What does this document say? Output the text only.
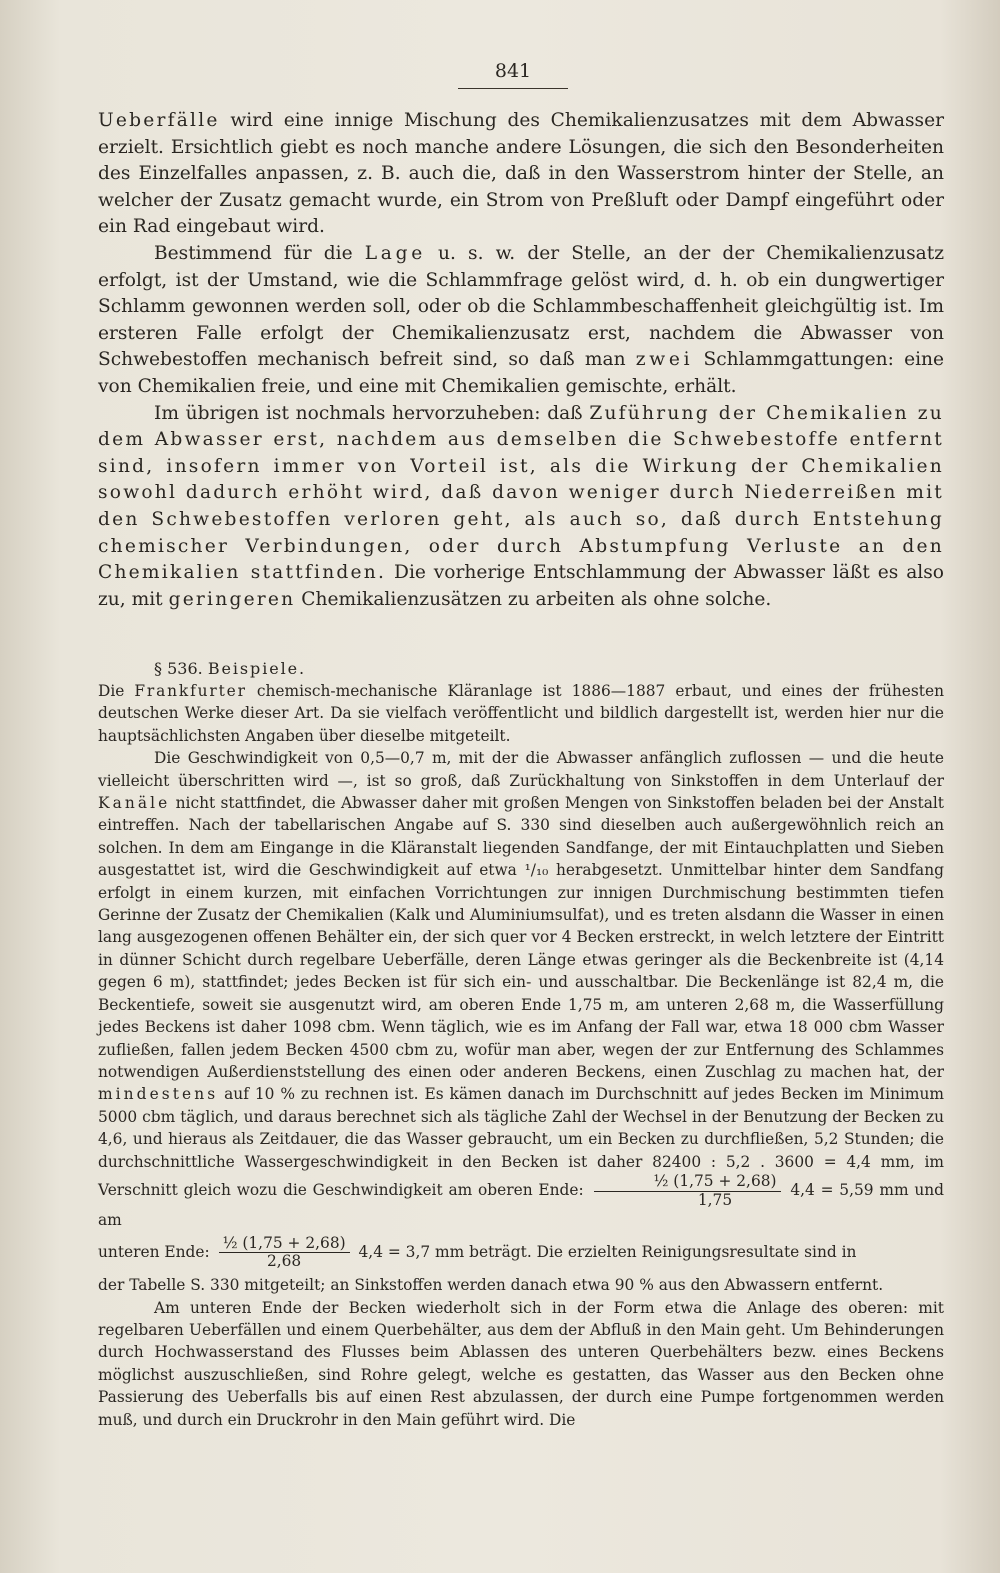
841

Ueberfälle wird eine innige Mischung des Chemikalienzusatzes mit dem Abwasser erzielt. Ersichtlich giebt es noch manche andere Lösungen, die sich den Besonderheiten des Einzelfalles anpassen, z. B. auch die, daß in den Wasserstrom hinter der Stelle, an welcher der Zusatz gemacht wurde, ein Strom von Preßluft oder Dampf eingeführt oder ein Rad eingebaut wird.

Bestimmend für die Lage u. s. w. der Stelle, an der der Chemikalienzusatz erfolgt, ist der Umstand, wie die Schlammfrage gelöst wird, d. h. ob ein dungwertiger Schlamm gewonnen werden soll, oder ob die Schlammbeschaffenheit gleichgültig ist. Im ersteren Falle erfolgt der Chemikalienzusatz erst, nachdem die Abwasser von Schwebestoffen mechanisch befreit sind, so daß man zwei Schlammgattungen: eine von Chemikalien freie, und eine mit Chemikalien gemischte, erhält.

Im übrigen ist nochmals hervorzuheben: daß Zuführung der Chemikalien zu dem Abwasser erst, nachdem aus demselben die Schwebestoffe entfernt sind, insofern immer von Vorteil ist, als die Wirkung der Chemikalien sowohl dadurch erhöht wird, daß davon weniger durch Niederreißen mit den Schwebestoffen verloren geht, als auch so, daß durch Entstehung chemischer Verbindungen, oder durch Abstumpfung Verluste an den Chemikalien stattfinden. Die vorherige Entschlammung der Abwasser läßt es also zu, mit geringeren Chemikalienzusätzen zu arbeiten als ohne solche.

§ 536. Beispiele.

Die Frankfurter chemisch-mechanische Kläranlage ist 1886—1887 erbaut, und eines der frühesten deutschen Werke dieser Art. Da sie vielfach veröffentlicht und bildlich dargestellt ist, werden hier nur die hauptsächlichsten Angaben über dieselbe mitgeteilt.

Die Geschwindigkeit von 0,5—0,7 m, mit der die Abwasser anfänglich zuflossen — und die heute vielleicht überschritten wird —, ist so groß, daß Zurückhaltung von Sinkstoffen in dem Unterlauf der Kanäle nicht stattfindet, die Abwasser daher mit großen Mengen von Sinkstoffen beladen bei der Anstalt eintreffen. Nach der tabellarischen Angabe auf S. 330 sind dieselben auch außergewöhnlich reich an solchen. In dem am Eingange in die Kläranstalt liegenden Sandfange, der mit Eintauchplatten und Sieben ausgestattet ist, wird die Geschwindigkeit auf etwa ¹/₁₀ herabgesetzt. Unmittelbar hinter dem Sandfang erfolgt in einem kurzen, mit einfachen Vorrichtungen zur innigen Durchmischung bestimmten tiefen Gerinne der Zusatz der Chemikalien (Kalk und Aluminiumsulfat), und es treten alsdann die Wasser in einen lang ausgezogenen offenen Behälter ein, der sich quer vor 4 Becken erstreckt, in welch letztere der Eintritt in dünner Schicht durch regelbare Ueberfälle, deren Länge etwas geringer als die Beckenbreite ist (4,14 gegen 6 m), stattfindet; jedes Becken ist für sich ein- und ausschaltbar. Die Beckenlänge ist 82,4 m, die Beckentiefe, soweit sie ausgenutzt wird, am oberen Ende 1,75 m, am unteren 2,68 m, die Wasserfüllung jedes Beckens ist daher 1098 cbm. Wenn täglich, wie es im Anfang der Fall war, etwa 18 000 cbm Wasser zufließen, fallen jedem Becken 4500 cbm zu, wofür man aber, wegen der zur Entfernung des Schlammes notwendigen Außerdienststellung des einen oder anderen Beckens, einen Zuschlag zu machen hat, der mindestens auf 10 % zu rechnen ist. Es kämen danach im Durchschnitt auf jedes Becken im Minimum 5000 cbm täglich, und daraus berechnet sich als tägliche Zahl der Wechsel in der Benutzung der Becken zu 4,6, und hieraus als Zeitdauer, die das Wasser gebraucht, um ein Becken zu durchfließen, 5,2 Stunden; die durchschnittliche Wassergeschwindigkeit in den Becken ist daher 82400 : 5,2 . 3600 = 4,4 mm, im Verschnitt gleich wozu die Geschwindigkeit am oberen Ende: $\frac{\text{½ (1,75 + 2,68)}}{1,75} 4,4 = 5,59$ mm und am

unteren Ende: $\frac{\text{½ (1,75 + 2,68)}}{2,68} 4,4 = 3,7$ mm beträgt. Die erzielten Reinigungsresultate sind in

der Tabelle S. 330 mitgeteilt; an Sinkstoffen werden danach etwa 90 % aus den Abwassern entfernt.

Am unteren Ende der Becken wiederholt sich in der Form etwa die Anlage des oberen: mit regelbaren Ueberfällen und einem Querbehälter, aus dem der Abfluß in den Main geht. Um Behinderungen durch Hochwasserstand des Flusses beim Ablassen des unteren Querbehälters bezw. eines Beckens möglichst auszuschließen, sind Rohre gelegt, welche es gestatten, das Wasser aus den Becken ohne Passierung des Ueberfalls bis auf einen Rest abzulassen, der durch eine Pumpe fortgenommen werden muß, und durch ein Druckrohr in den Main geführt wird. Die
